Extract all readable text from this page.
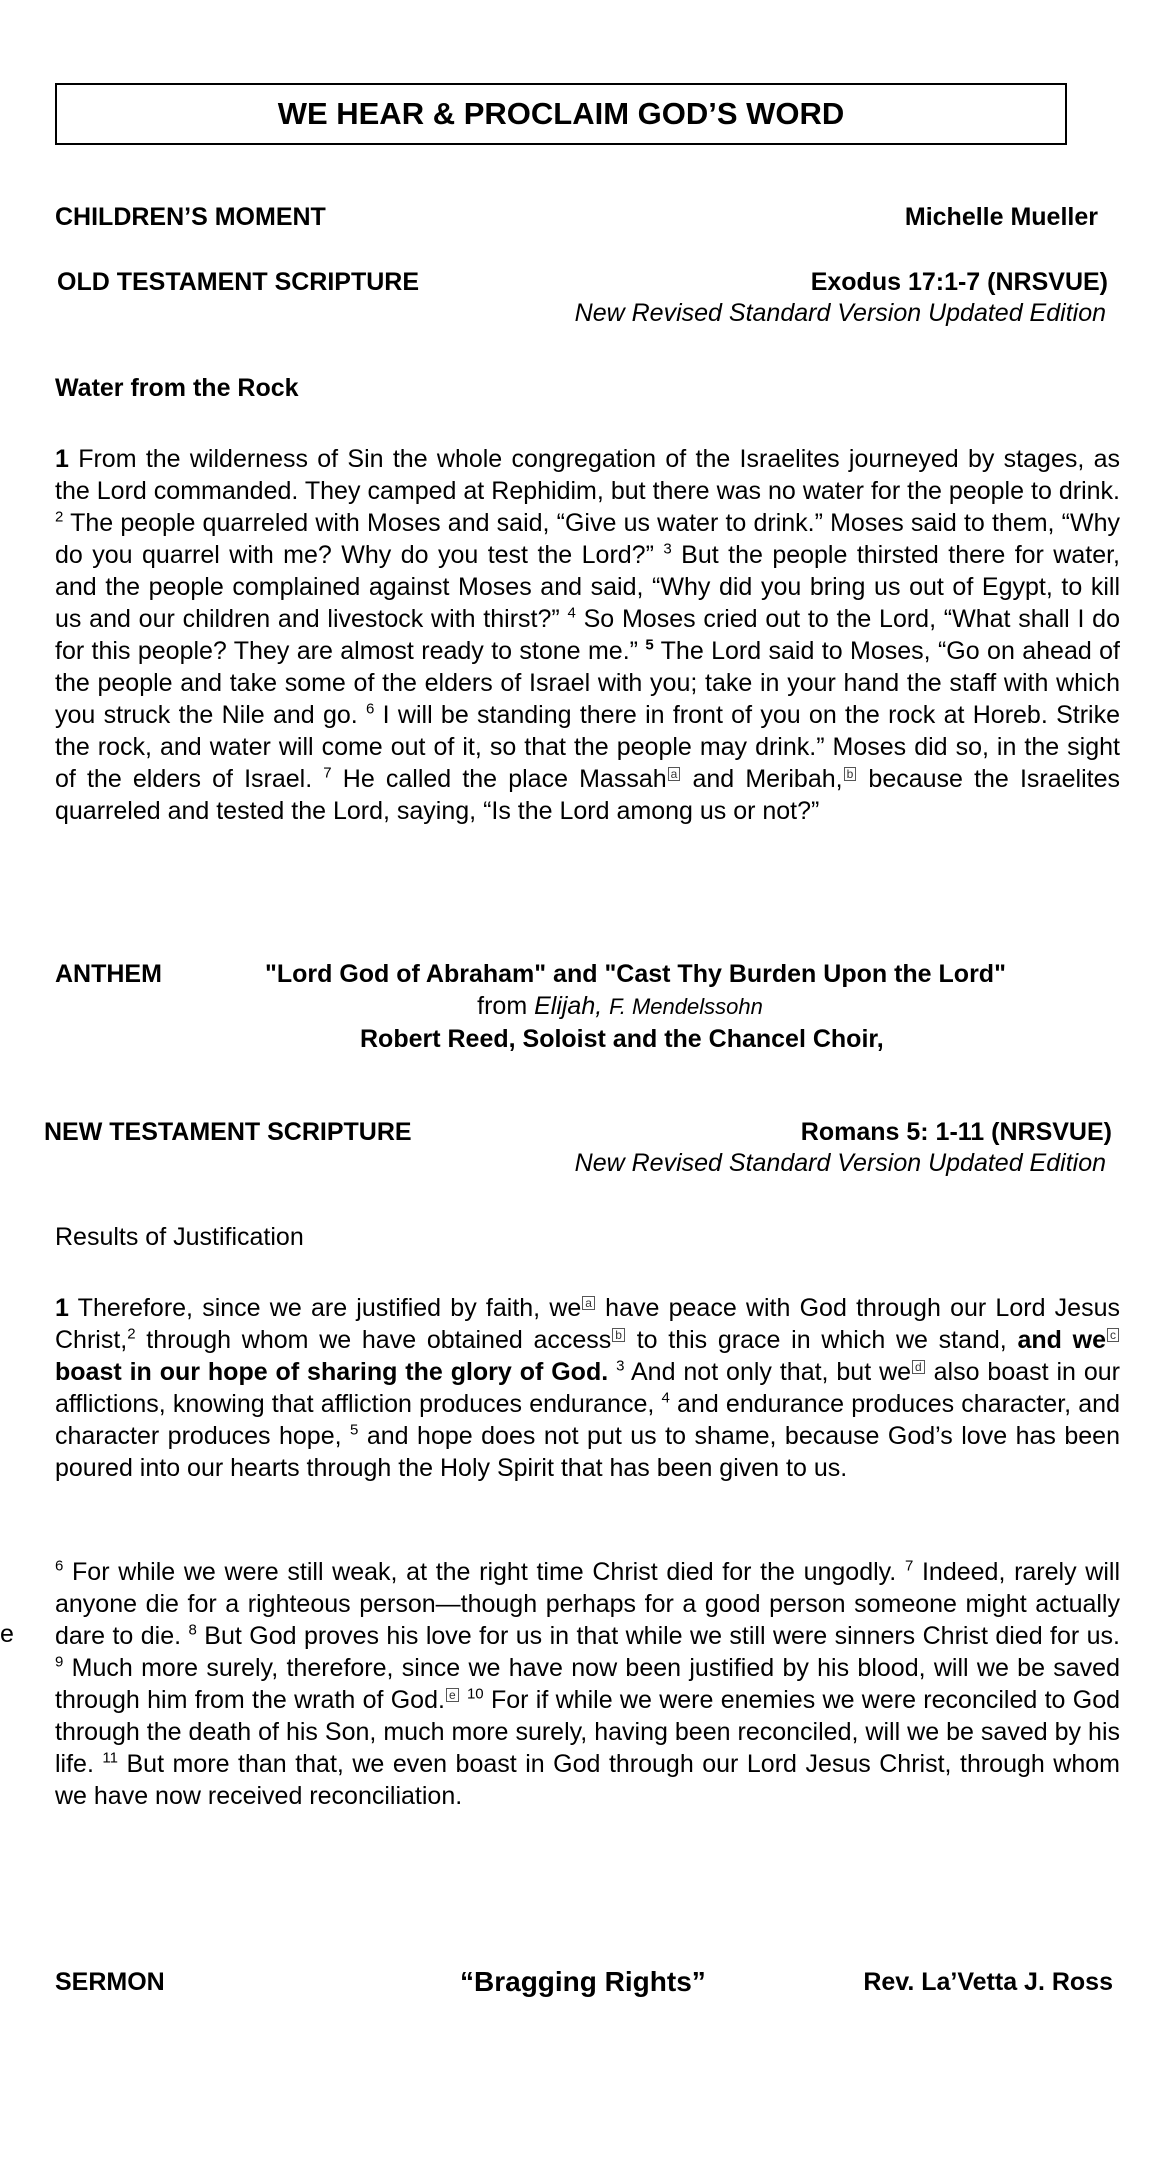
WE HEAR & PROCLAIM GOD’S WORD
CHILDREN’S MOMENT	Michelle Mueller
OLD TESTAMENT SCRIPTURE	Exodus 17:1-7 (NRSVUE)
New Revised Standard Version Updated Edition
Water from the Rock
1 From the wilderness of Sin the whole congregation of the Israelites journeyed by stages, as the Lord commanded. They camped at Rephidim, but there was no water for the people to drink. $^2$ The people quarreled with Moses and said, “Give us water to drink.” Moses said to them, “Why do you quarrel with me? Why do you test the Lord?” $^3$ But the people thirsted there for water, and the people complained against Moses and said, “Why did you bring us out of Egypt, to kill us and our children and livestock with thirst?” $^4$ So Moses cried out to the Lord, “What shall I do for this people? They are almost ready to stone me.” $^5$ The Lord said to Moses, “Go on ahead of the people and take some of the elders of Israel with you; take in your hand the staff with which you struck the Nile and go. $^6$ I will be standing there in front of you on the rock at Horeb. Strike the rock, and water will come out of it, so that the people may drink.” Moses did so, in the sight of the elders of Israel. $^7$ He called the place Massah a and Meribah, b because the Israelites quarreled and tested the Lord, saying, “Is the Lord among us or not?”
ANTHEM	"Lord God of Abraham" and "Cast Thy Burden Upon the Lord"
from Elijah, F. Mendelssohn
Robert Reed, Soloist and the Chancel Choir,
NEW TESTAMENT SCRIPTURE	Romans 5: 1-11 (NRSVUE)
New Revised Standard Version Updated Edition
Results of Justification
1 Therefore, since we are justified by faith, we a have peace with God through our Lord Jesus Christ,$^2$ through whom we have obtained access b to this grace in which we stand, and we c boast in our hope of sharing the glory of God. $^3$ And not only that, but we d also boast in our afflictions, knowing that affliction produces endurance, $^4$ and endurance produces character, and character produces hope, $^5$ and hope does not put us to shame, because God’s love has been poured into our hearts through the Holy Spirit that has been given to us.
e
$^6$ For while we were still weak, at the right time Christ died for the ungodly. $^7$ Indeed, rarely will anyone die for a righteous person—though perhaps for a good person someone might actually dare to die. $^8$ But God proves his love for us in that while we still were sinners Christ died for us. $^9$ Much more surely, therefore, since we have now been justified by his blood, will we be saved through him from the wrath of God. e $^{10}$ For if while we were enemies we were reconciled to God through the death of his Son, much more surely, having been reconciled, will we be saved by his life. $^{11}$ But more than that, we even boast in God through our Lord Jesus Christ, through whom we have now received reconciliation.
SERMON	“Bragging Rights”	Rev. La’Vetta J. Ross
